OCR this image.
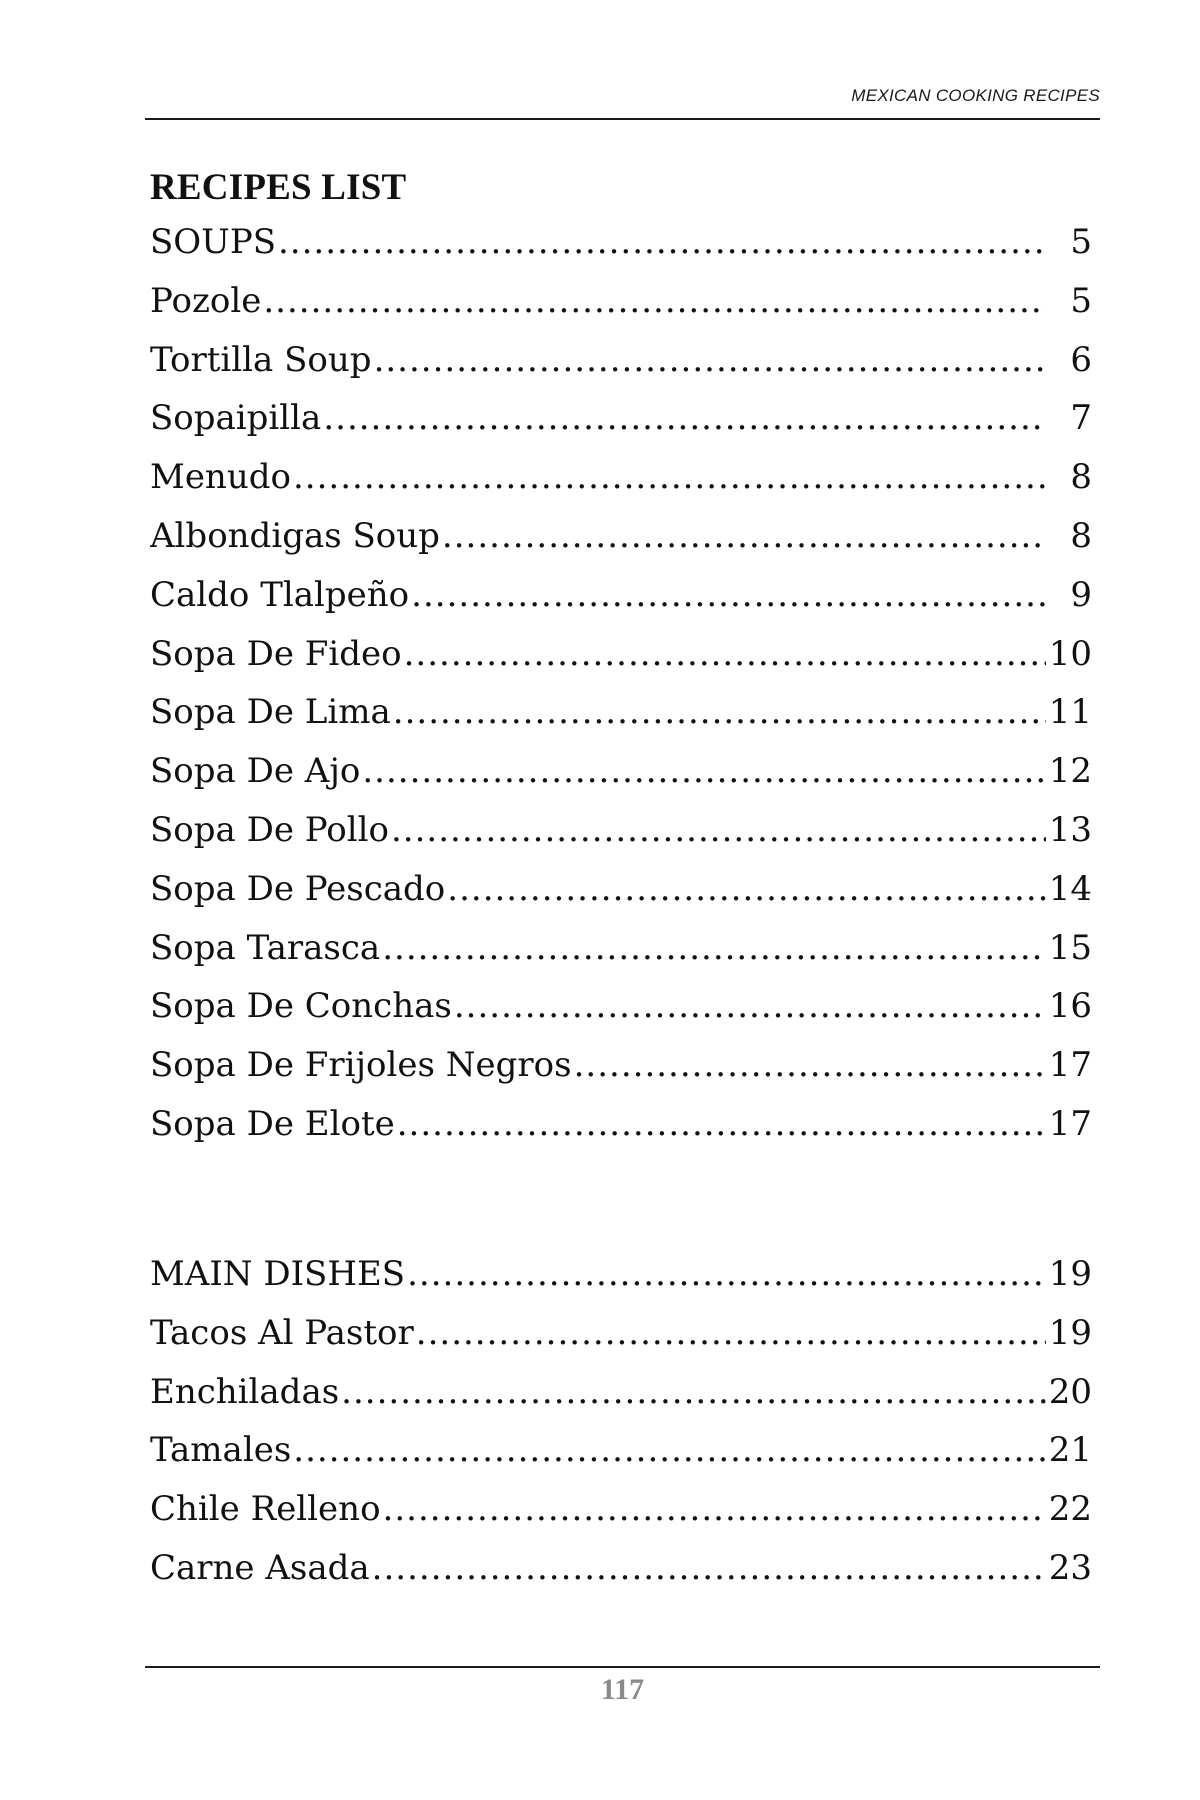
MEXICAN COOKING RECIPES
RECIPES LIST
SOUPS .....	5
Pozole .....	5
Tortilla Soup .....	6
Sopaipilla .....	7
Menudo .....	8
Albondigas Soup .....	8
Caldo Tlalpeño .....	9
Sopa De Fideo .....	10
Sopa De Lima .....	11
Sopa De Ajo .....	12
Sopa De Pollo .....	13
Sopa De Pescado .....	14
Sopa Tarasca .....	15
Sopa De Conchas .....	16
Sopa De Frijoles Negros .....	17
Sopa De Elote .....	17
MAIN DISHES .....	19
Tacos Al Pastor .....	19
Enchiladas .....	20
Tamales .....	21
Chile Relleno .....	22
Carne Asada .....	23
117
